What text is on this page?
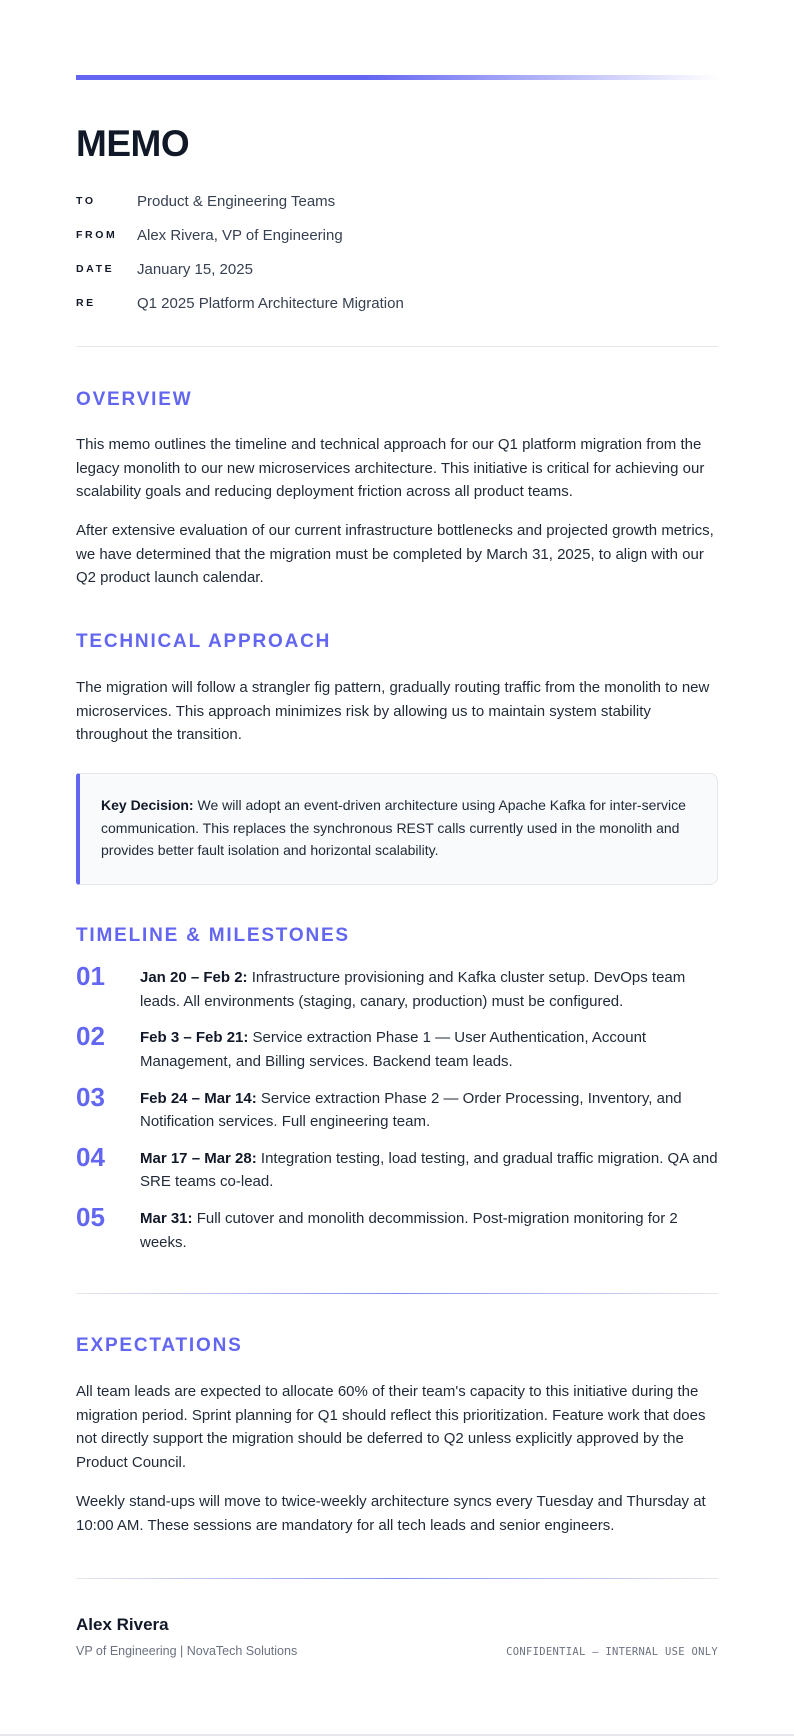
MEMO
TO	Product & Engineering Teams
FROM Alex Rivera, VP of Engineering
DATE January 15, 2025
RE	Q1 2025 Platform Architecture Migration
OVERVIEW

This memo outlines the timeline and technical approach for our Q1 platform migration from the legacy monolith to our new microservices architecture. This initiative is critical for achieving our scalability goals and reducing deployment friction across all product teams.

After extensive evaluation of our current infrastructure bottlenecks and projected growth metrics, we have determined that the migration must be completed by March 31, 2025, to align with our Q2 product launch calendar.

TECHNICAL APPROACH

The migration will follow a strangler fig pattern, gradually routing traffic from the monolith to new microservices. This approach minimizes risk by allowing us to maintain system stability throughout the transition.

Key Decision: We will adopt an event-driven architecture using Apache Kafka for inter-service communication. This replaces the synchronous REST calls currently used in the monolith and provides better fault isolation and horizontal scalability.

TIMELINE & MILESTONES
01 Jan 20 – Feb 2: Infrastructure provisioning and Kafka cluster setup. DevOps team leads. All environments (staging, canary, production) must be configured.

02 Feb 3 – Feb 21: Service extraction Phase 1 — User Authentication, Account Management, and Billing services. Backend team leads.

03 Feb 24 – Mar 14: Service extraction Phase 2 — Order Processing, Inventory, and Notification services. Full engineering team.

04 Mar 17 – Mar 28: Integration testing, load testing, and gradual traffic migration. QA and SRE teams co-lead.

05 Mar 31: Full cutover and monolith decommission. Post-migration monitoring for 2 weeks.

EXPECTATIONS

All team leads are expected to allocate 60% of their team's capacity to this initiative during the migration period. Sprint planning for Q1 should reflect this prioritization. Feature work that does not directly support the migration should be deferred to Q2 unless explicitly approved by the Product Council.

Weekly stand-ups will move to twice-weekly architecture syncs every Tuesday and Thursday at 10:00 AM. These sessions are mandatory for all tech leads and senior engineers.

Alex Rivera
VP of Engineering | NovaTech Solutions	CONFIDENTIAL — INTERNAL USE ONLY
